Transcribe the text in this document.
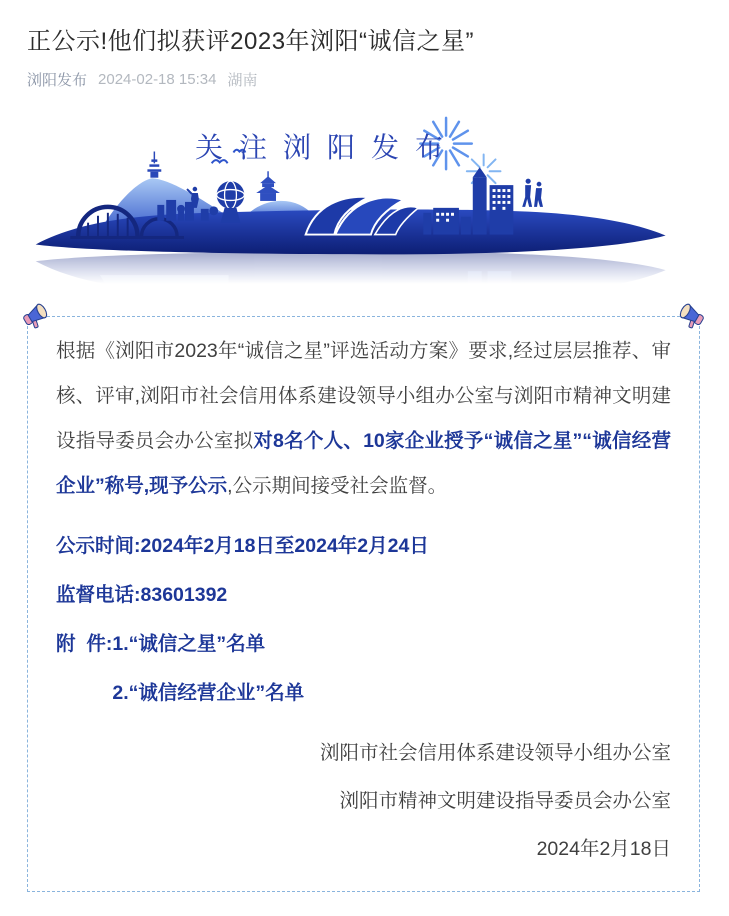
正公示!他们拟获评2023年浏阳“诚信之星”
浏阳发布 2024-02-18 15:34 湖南
关注浏阳发布

根据《浏阳市2023年“诚信之星”评选活动方案》要求,经过层层推荐、审核、评审,浏阳市社会信用体系建设领导小组办公室与浏阳市精神文明建设指导委员会办公室拟对8名个人、10家企业授予“诚信之星”“诚信经营企业”称号,现予公示,公示期间接受社会监督。

公示时间:2024年2月18日至2024年2月24日

监督电话:83601392

附  件: 1.“诚信之星”名单
2.“诚信经营企业”名单
浏阳市社会信用体系建设领导小组办公室
浏阳市精神文明建设指导委员会办公室
2024年2月18日
